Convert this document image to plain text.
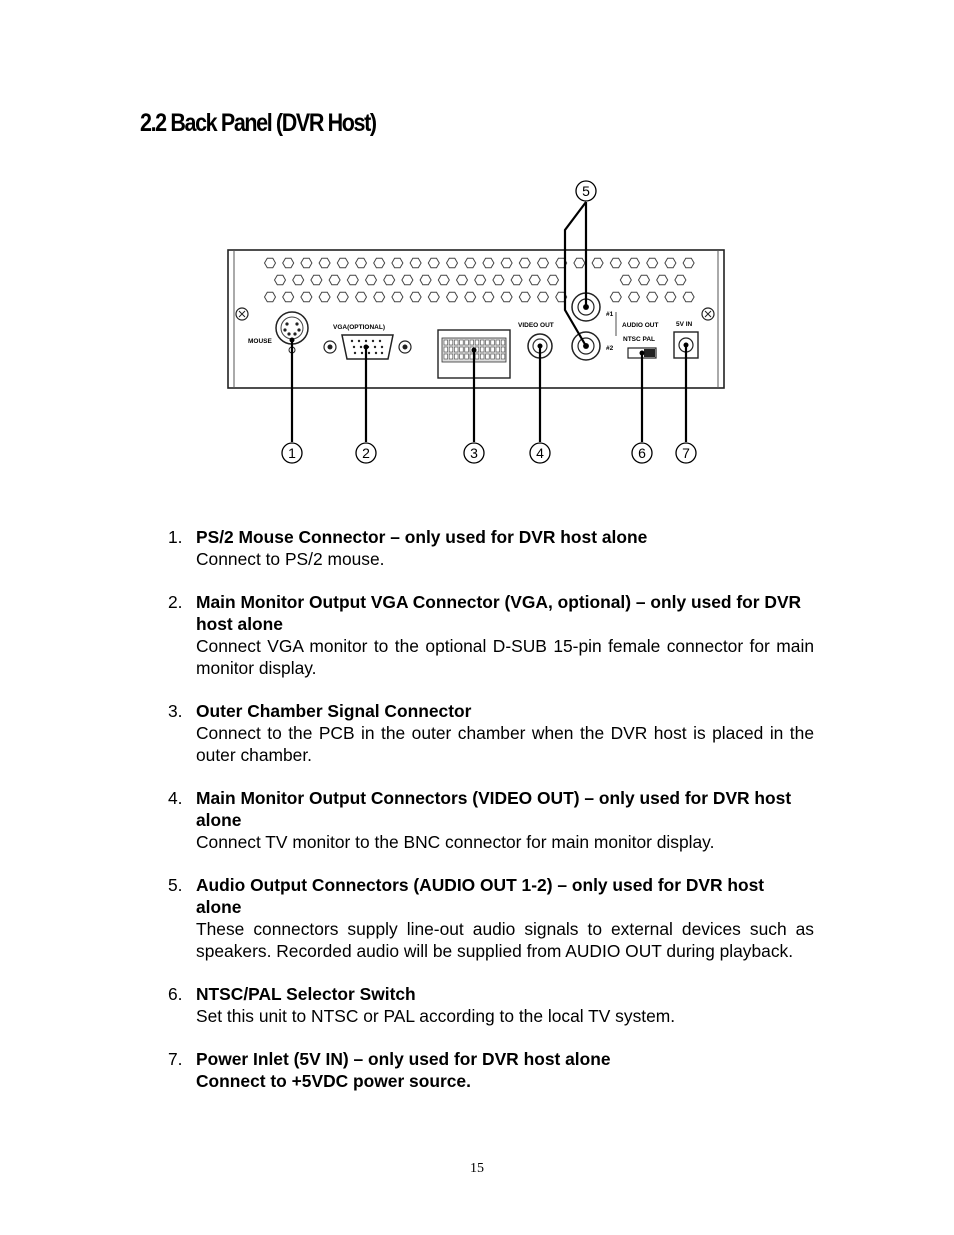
2.2 Back Panel (DVR Host)
MOUSE
VGA(OPTIONAL)	VIDEO OUT
#1
#2
AUDIO OUT
NTSC PAL
5V IN
5
1	2	3	4	6	7
1. PS/2 Mouse Connector – only used for DVR host alone
Connect to PS/2 mouse.
2. Main Monitor Output VGA Connector (VGA, optional) – only used for DVR host alone
Connect VGA monitor to the optional D-SUB 15-pin female connector for main monitor display.
3. Outer Chamber Signal Connector
Connect to the PCB in the outer chamber when the DVR host is placed in the outer chamber.
4. Main Monitor Output Connectors (VIDEO OUT) – only used for DVR host alone
Connect TV monitor to the BNC connector for main monitor display.
5. Audio Output Connectors (AUDIO OUT 1-2) – only used for DVR host alone
These connectors supply line-out audio signals to external devices such as speakers. Recorded audio will be supplied from AUDIO OUT during playback.
6. NTSC/PAL Selector Switch
Set this unit to NTSC or PAL according to the local TV system.
7. Power Inlet (5V IN) – only used for DVR host alone
Connect to +5VDC power source.
15
